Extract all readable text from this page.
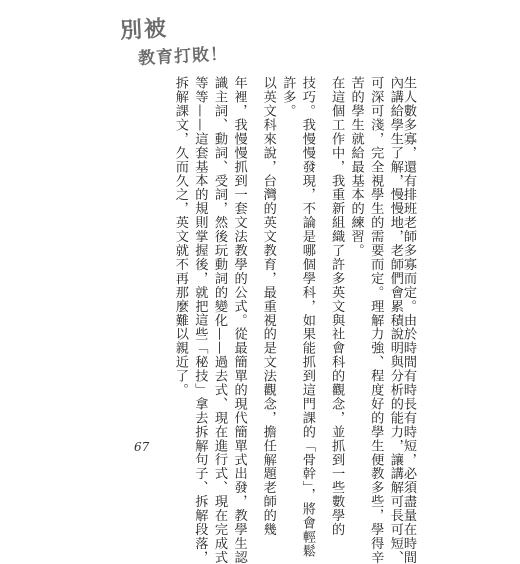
別被
教育打敗！
生人數多寡，還有排班老師多寡而定。由於時間有時長有時短，必須盡量在時間
內講給學生了解，慢慢地，老師們會累積說明與分析的能力，讓講解可長可短、
可深可淺，完全視學生的需要而定。理解力強、程度好的學生便教多些，學得辛
苦的學生就給最基本的練習。
在這個工作中，我重新組織了許多英文與社會科的觀念，並抓到一些數學的
技巧。我慢慢發現，不論是哪個學科，如果能抓到這門課的「骨幹」，將會輕鬆
許多。
以英文科來說，台灣的英文教育，最重視的是文法觀念，擔任解題老師的幾
年裡，我慢慢抓到一套文法教學的公式。從最簡單的現代簡單式出發，教學生認
識主詞、動詞、受詞，然後玩動詞的變化——過去式、現在進行式、現在完成式
等等——這套基本的規則掌握後，就把這些「秘技」拿去拆解句子、拆解段落，
拆解課文，久而久之，英文就不再那麼難以親近了。
67
